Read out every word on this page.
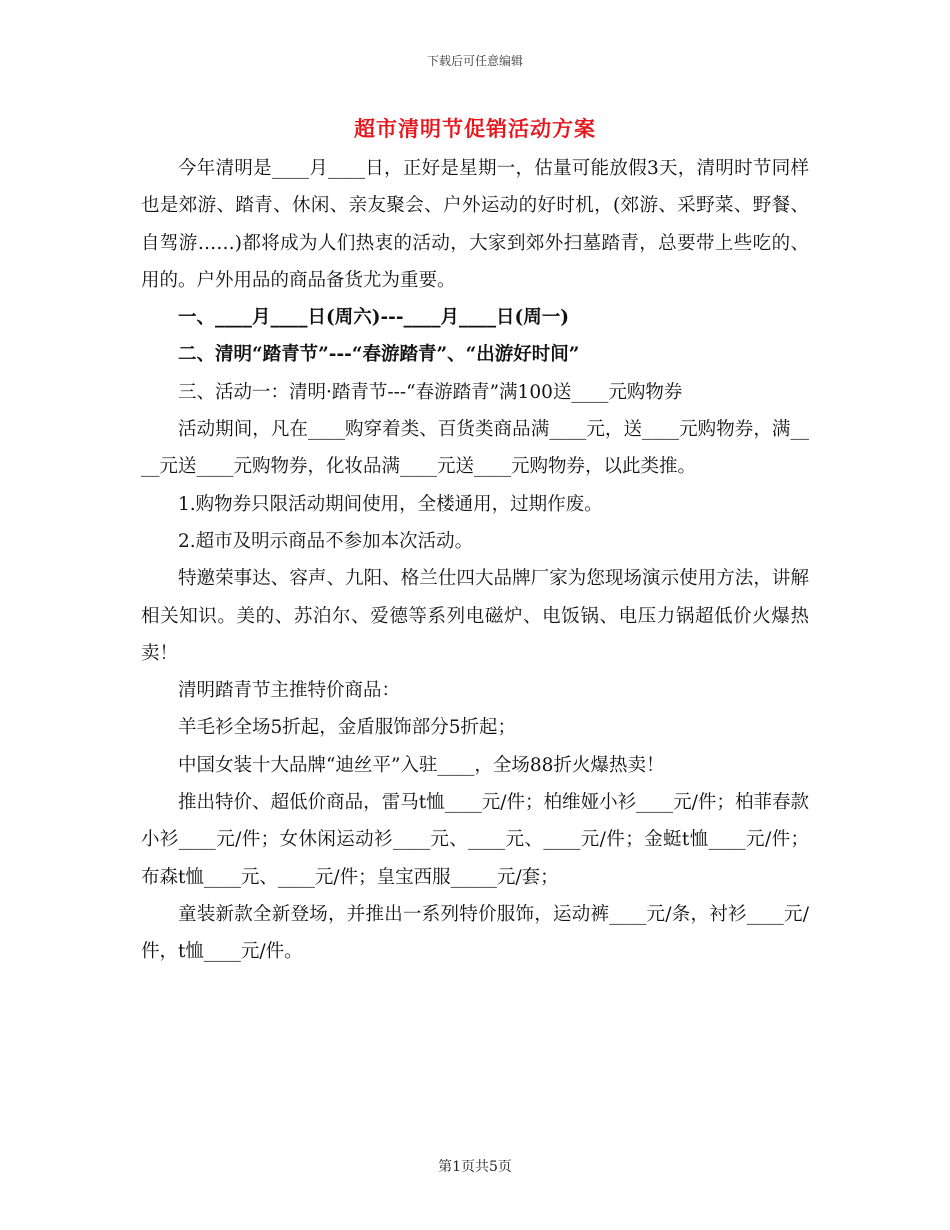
下载后可任意编辑
超市清明节促销活动方案

今年清明是____月____日，正好是星期一，估量可能放假3天，清明时节同样也是郊游、踏青、休闲、亲友聚会、户外运动的好时机，(郊游、采野菜、野餐、自驾游……)都将成为人们热衷的活动，大家到郊外扫墓踏青，总要带上些吃的、用的。户外用品的商品备货尤为重要。

一、____月____日(周六)---____月____日(周一)

二、清明“踏青节”---“春游踏青”、“出游好时间”

三、活动一：清明·踏青节---“春游踏青”满100送____元购物券

活动期间，凡在____购穿着类、百货类商品满____元，送____元购物券，满____元送____元购物券，化妆品满____元送____元购物券，以此类推。

1.购物券只限活动期间使用，全楼通用，过期作废。

2.超市及明示商品不参加本次活动。

特邀荣事达、容声、九阳、格兰仕四大品牌厂家为您现场演示使用方法，讲解相关知识。美的、苏泊尔、爱德等系列电磁炉、电饭锅、电压力锅超低价火爆热卖！

清明踏青节主推特价商品：

羊毛衫全场5折起，金盾服饰部分5折起；

中国女装十大品牌“迪丝平”入驻____，全场88折火爆热卖！

推出特价、超低价商品，雷马t恤____元/件；柏维娅小衫____元/件；柏菲春款小衫____元/件；女休闲运动衫____元、____元、____元/件；金蜓t恤____元/件；布森t恤____元、____元/件；皇宝西服_____元/套；

童装新款全新登场，并推出一系列特价服饰，运动裤____元/条，衬衫____元/件，t恤____元/件。

第1页共5页
